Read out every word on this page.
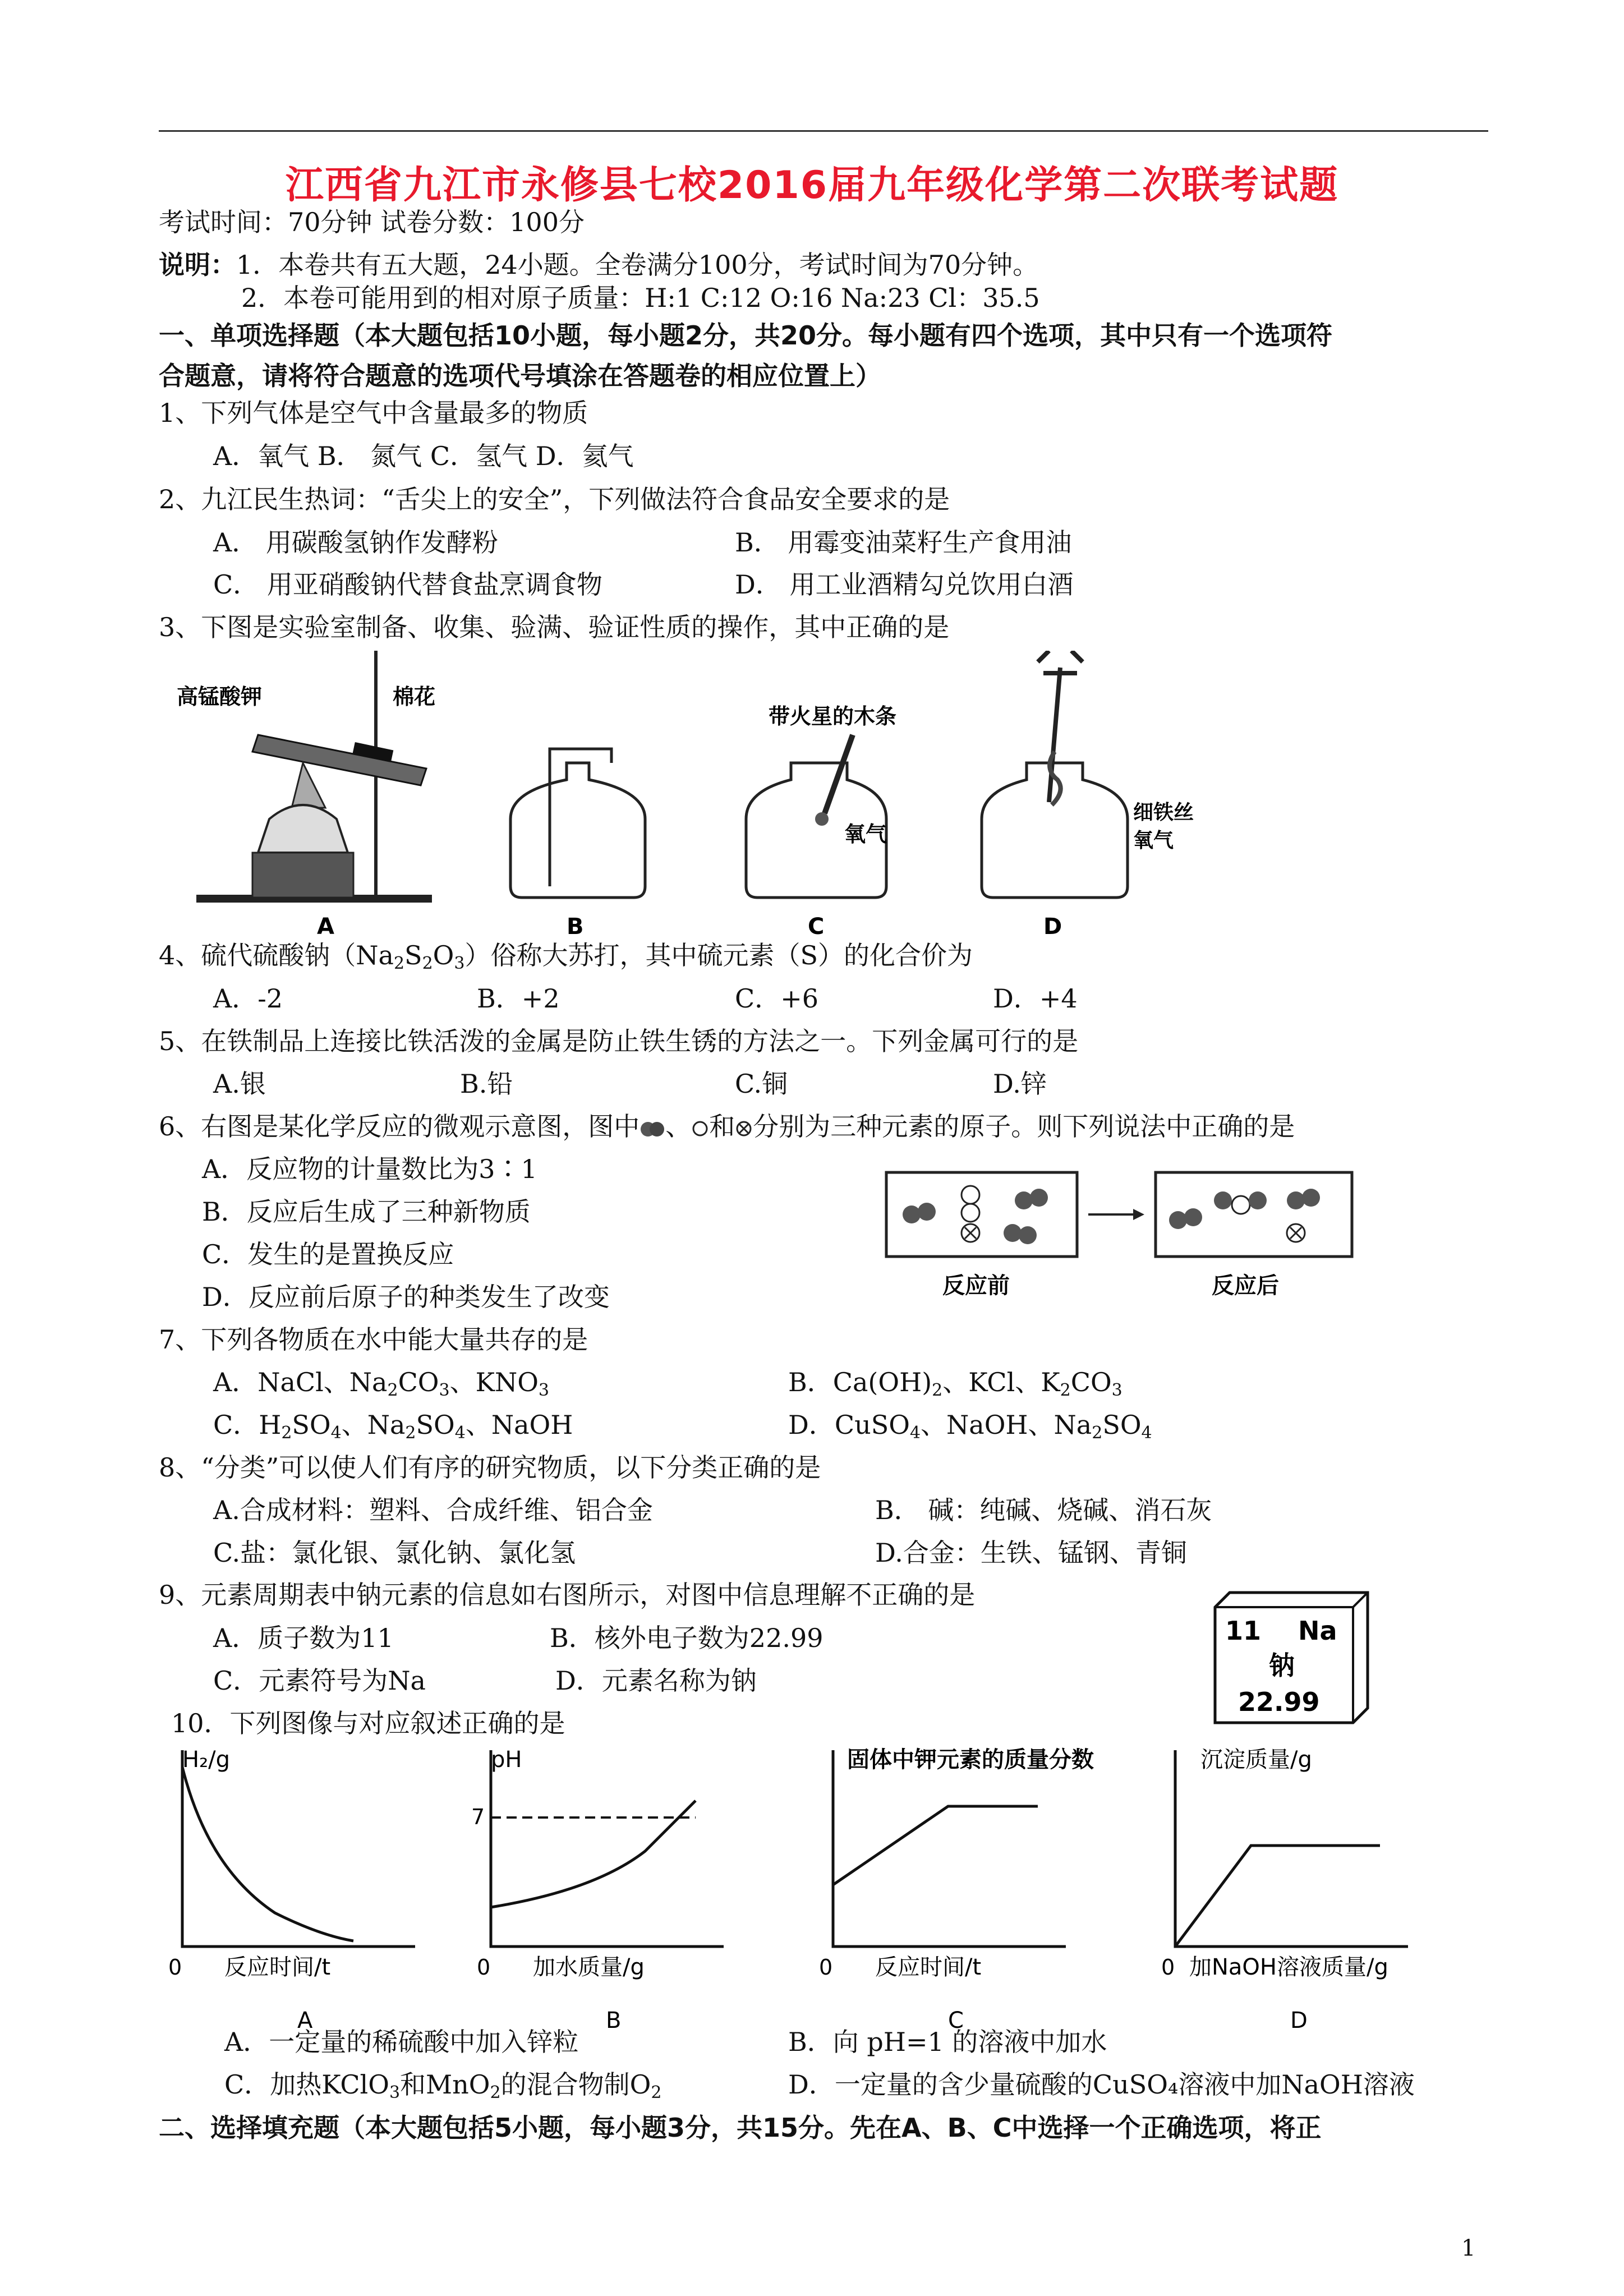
江西省九江市永修县七校2016届九年级化学第二次联考试题
考试时间：70分钟 试卷分数：100分
说明：1．本卷共有五大题，24小题。全卷满分100分，考试时间为70分钟。
2．本卷可能用到的相对原子质量：H:1 C:12 O:16 Na:23 Cl：35.5
一、单项选择题（本大题包括10小题，每小题2分，共20分。每小题有四个选项，其中只有一个选项符
合题意，请将符合题意的选项代号填涂在答题卷的相应位置上）
1、下列气体是空气中含量最多的物质
A．氧气 B． 氮气 C．氢气 D．氦气
2、九江民生热词：“舌尖上的安全”，下列做法符合食品安全要求的是
A． 用碳酸氢钠作发酵粉	B． 用霉变油菜籽生产食用油
C． 用亚硝酸钠代替食盐烹调食物	D． 用工业酒精勾兑饮用白酒
3、下图是实验室制备、收集、验满、验证性质的操作，其中正确的是
高锰酸钾	棉花
A	B
带火星的木条
氧气
C
细铁丝
氧气
D
4、硫代硫酸钠$(Na_2S_2O_3)$俗称大苏打，其中硫元素（S）的化合价为
A．-2	B．+2	C．+6	D．+4
5、在铁制品上连接比铁活泼的金属是防止铁生锈的方法之一。下列金属可行的是
A.银	B.铅	C.铜	D.锌
6、右图是某化学反应的微观示意图，图中 、 和 分别为三种元素的原子。则下列说法中正确的是
A．反应物的计量数比为3∶1
B．反应后生成了三种新物质
C．发生的是置换反应
D．反应前后原子的种类发生了改变	反应前	反应后
7、下列各物质在水中能大量共存的是
A．NaCl、$Na_2CO_3$、$KNO_3$	B．$Ca(OH)_2$、KCl、$K_2CO_3$
C．$H_2SO_4$、$Na_2SO_4$、NaOH	D．CuSO$_4$、NaOH、$Na_2SO_4$
8、“分类”可以使人们有序的研究物质，以下分类正确的是
A.合成材料：塑料、合成纤维、铝合金	B． 碱：纯碱、烧碱、消石灰
C.盐：氯化银、氯化钠、氯化氢	D.合金：生铁、锰钢、青铜
9、元素周期表中钠元素的信息如右图所示，对图中信息理解不正确的是
A．质子数为11	B．核外电子数为22.99
C．元素符号为Na	D．元素名称为钠
11 Na
钠
22.99
10．下列图像与对应叙述正确的是
H₂/g
0 反应时间/t
A
pH
0 加水质量/g
B
7
固体中钾元素的质量分数
0 反应时间/t
C
沉淀质量/g
0 加NaOH溶液质量/g
D
A．一定量的稀硫酸中加入锌粒	B．向 pH=1 的溶液中加水
C．加热KClO$_3$和MnO$_2$的混合物制$O_2$	D．一定量的含少量硫酸的CuSO₄溶液中加NaOH溶液
二、选择填充题（本大题包括5小题，每小题3分，共15分。先在A、B、C中选择一个正确选项，将正
1
